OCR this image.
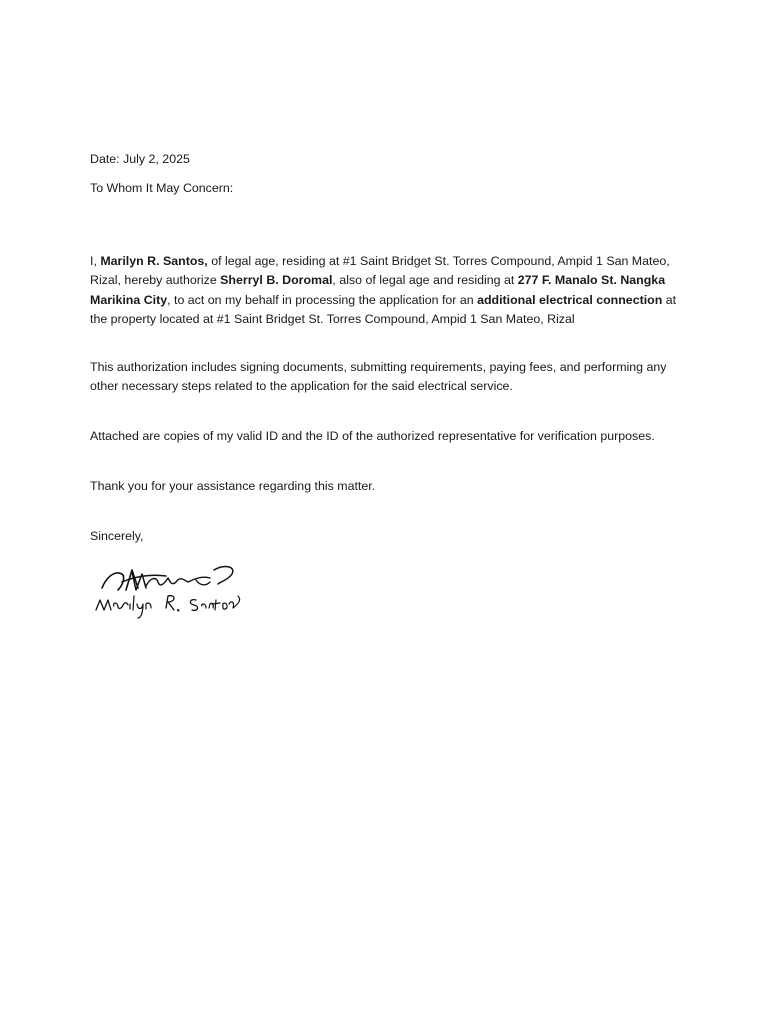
Date: July 2, 2025

To Whom It May Concern:

I, Marilyn R. Santos, of legal age, residing at #1 Saint Bridget St. Torres Compound, Ampid 1 San Mateo, Rizal, hereby authorize Sherryl B. Doromal, also of legal age and residing at 277 F. Manalo St. Nangka Marikina City, to act on my behalf in processing the application for an additional electrical connection at the property located at #1 Saint Bridget St. Torres Compound, Ampid 1 San Mateo, Rizal

This authorization includes signing documents, submitting requirements, paying fees, and performing any other necessary steps related to the application for the said electrical service.

Attached are copies of my valid ID and the ID of the authorized representative for verification purposes.

Thank you for your assistance regarding this matter.

Sincerely,
